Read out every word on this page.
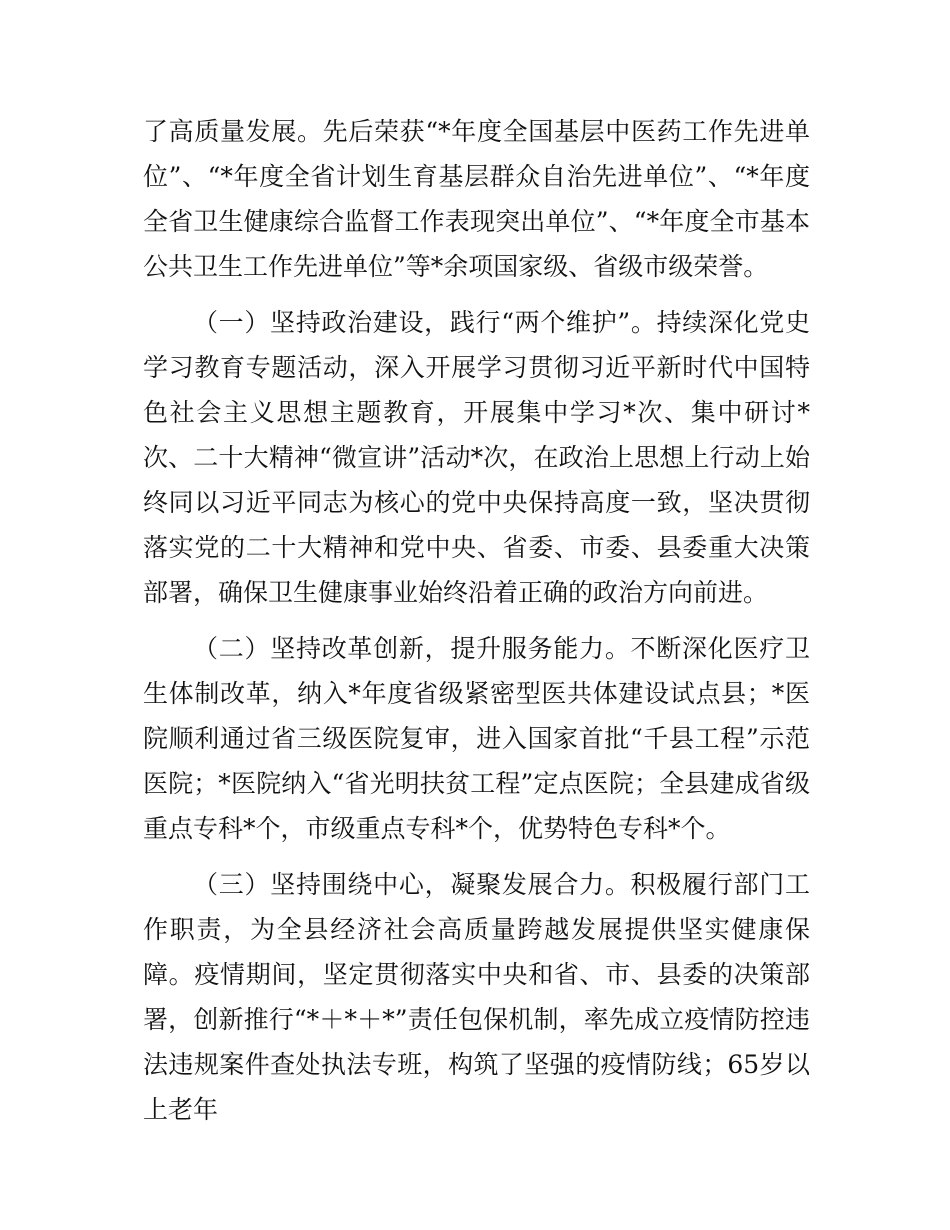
了高质量发展。先后荣获“*年度全国基层中医药工作先进单位”、“*年度全省计划生育基层群众自治先进单位”、“*年度全省卫生健康综合监督工作表现突出单位”、“*年度全市基本公共卫生工作先进单位”等*余项国家级、省级市级荣誉。

（一）坚持政治建设，践行“两个维护”。持续深化党史学习教育专题活动，深入开展学习贯彻习近平新时代中国特色社会主义思想主题教育，开展集中学习*次、集中研讨*次、二十大精神“微宣讲”活动*次，在政治上思想上行动上始终同以习近平同志为核心的党中央保持高度一致，坚决贯彻落实党的二十大精神和党中央、省委、市委、县委重大决策部署，确保卫生健康事业始终沿着正确的政治方向前进。

（二）坚持改革创新，提升服务能力。不断深化医疗卫生体制改革，纳入*年度省级紧密型医共体建设试点县；*医院顺利通过省三级医院复审，进入国家首批“千县工程”示范医院；*医院纳入“省光明扶贫工程”定点医院；全县建成省级重点专科*个，市级重点专科*个，优势特色专科*个。

（三）坚持围绕中心，凝聚发展合力。积极履行部门工作职责，为全县经济社会高质量跨越发展提供坚实健康保障。疫情期间，坚定贯彻落实中央和省、市、县委的决策部署，创新推行“*＋*＋*”责任包保机制，率先成立疫情防控违法违规案件查处执法专班，构筑了坚强的疫情防线；65岁以上老年
